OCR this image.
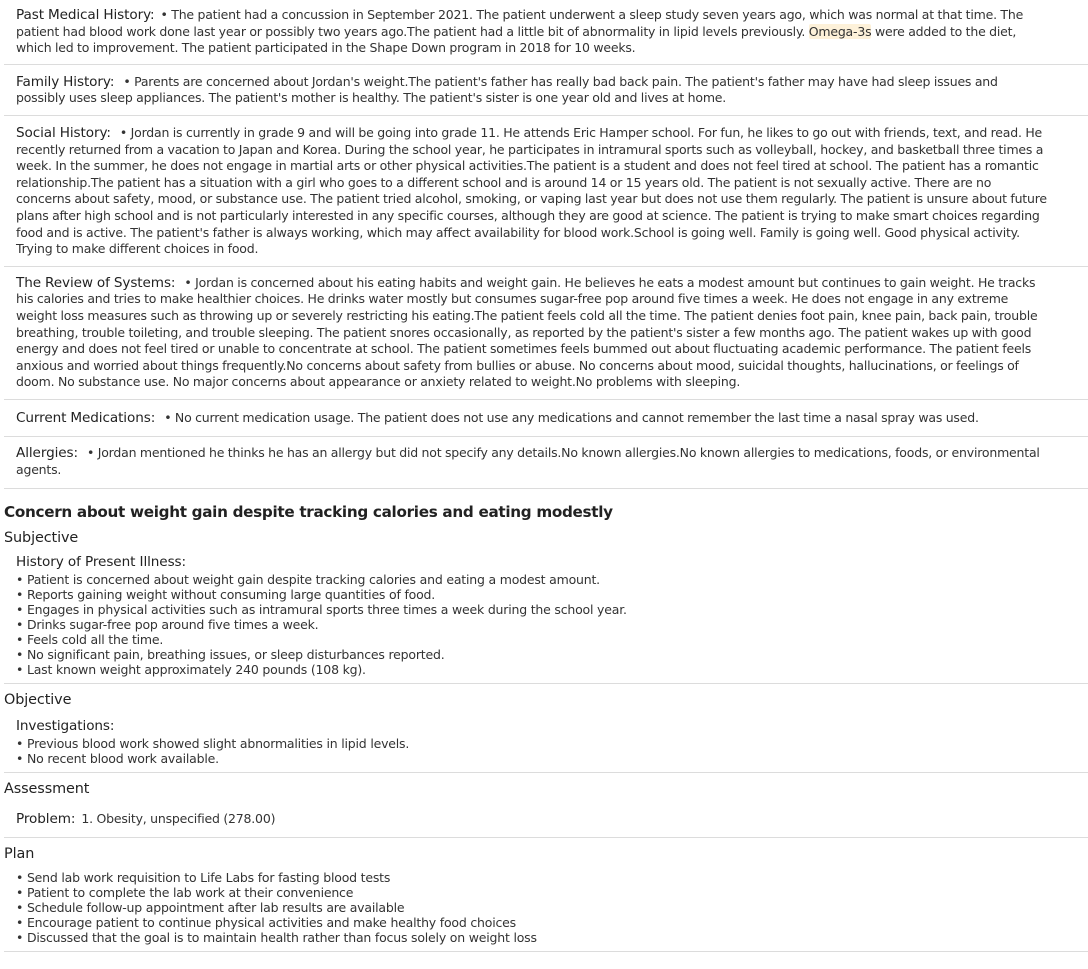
Past Medical History: • The patient had a concussion in September 2021. The patient underwent a sleep study seven years ago, which was normal at that time. The patient had blood work done last year or possibly two years ago.The patient had a little bit of abnormality in lipid levels previously. Omega-3s were added to the diet, which led to improvement. The patient participated in the Shape Down program in 2018 for 10 weeks.
Family History: • Parents are concerned about Jordan's weight.The patient's father has really bad back pain. The patient's father may have had sleep issues and possibly uses sleep appliances. The patient's mother is healthy. The patient's sister is one year old and lives at home.
Social History: • Jordan is currently in grade 9 and will be going into grade 11. He attends Eric Hamper school. For fun, he likes to go out with friends, text, and read. He recently returned from a vacation to Japan and Korea. During the school year, he participates in intramural sports such as volleyball, hockey, and basketball three times a week. In the summer, he does not engage in martial arts or other physical activities.The patient is a student and does not feel tired at school. The patient has a romantic relationship.The patient has a situation with a girl who goes to a different school and is around 14 or 15 years old. The patient is not sexually active. There are no concerns about safety, mood, or substance use. The patient tried alcohol, smoking, or vaping last year but does not use them regularly. The patient is unsure about future plans after high school and is not particularly interested in any specific courses, although they are good at science. The patient is trying to make smart choices regarding food and is active. The patient's father is always working, which may affect availability for blood work.School is going well. Family is going well. Good physical activity. Trying to make different choices in food.
The Review of Systems: • Jordan is concerned about his eating habits and weight gain. He believes he eats a modest amount but continues to gain weight. He tracks his calories and tries to make healthier choices. He drinks water mostly but consumes sugar-free pop around five times a week. He does not engage in any extreme weight loss measures such as throwing up or severely restricting his eating.The patient feels cold all the time. The patient denies foot pain, knee pain, back pain, trouble breathing, trouble toileting, and trouble sleeping. The patient snores occasionally, as reported by the patient's sister a few months ago. The patient wakes up with good energy and does not feel tired or unable to concentrate at school. The patient sometimes feels bummed out about fluctuating academic performance. The patient feels anxious and worried about things frequently.No concerns about safety from bullies or abuse. No concerns about mood, suicidal thoughts, hallucinations, or feelings of doom. No substance use. No major concerns about appearance or anxiety related to weight.No problems with sleeping.
Current Medications: • No current medication usage. The patient does not use any medications and cannot remember the last time a nasal spray was used.
Allergies: • Jordan mentioned he thinks he has an allergy but did not specify any details.No known allergies.No known allergies to medications, foods, or environmental agents.
Concern about weight gain despite tracking calories and eating modestly
Subjective
History of Present Illness:
• Patient is concerned about weight gain despite tracking calories and eating a modest amount.
• Reports gaining weight without consuming large quantities of food.
• Engages in physical activities such as intramural sports three times a week during the school year.
• Drinks sugar-free pop around five times a week.
• Feels cold all the time.
• No significant pain, breathing issues, or sleep disturbances reported.
• Last known weight approximately 240 pounds (108 kg).
Objective
Investigations:
• Previous blood work showed slight abnormalities in lipid levels.
• No recent blood work available.
Assessment
Problem: 1. Obesity, unspecified (278.00)
Plan
• Send lab work requisition to Life Labs for fasting blood tests
• Patient to complete the lab work at their convenience
• Schedule follow-up appointment after lab results are available
• Encourage patient to continue physical activities and make healthy food choices
• Discussed that the goal is to maintain health rather than focus solely on weight loss
